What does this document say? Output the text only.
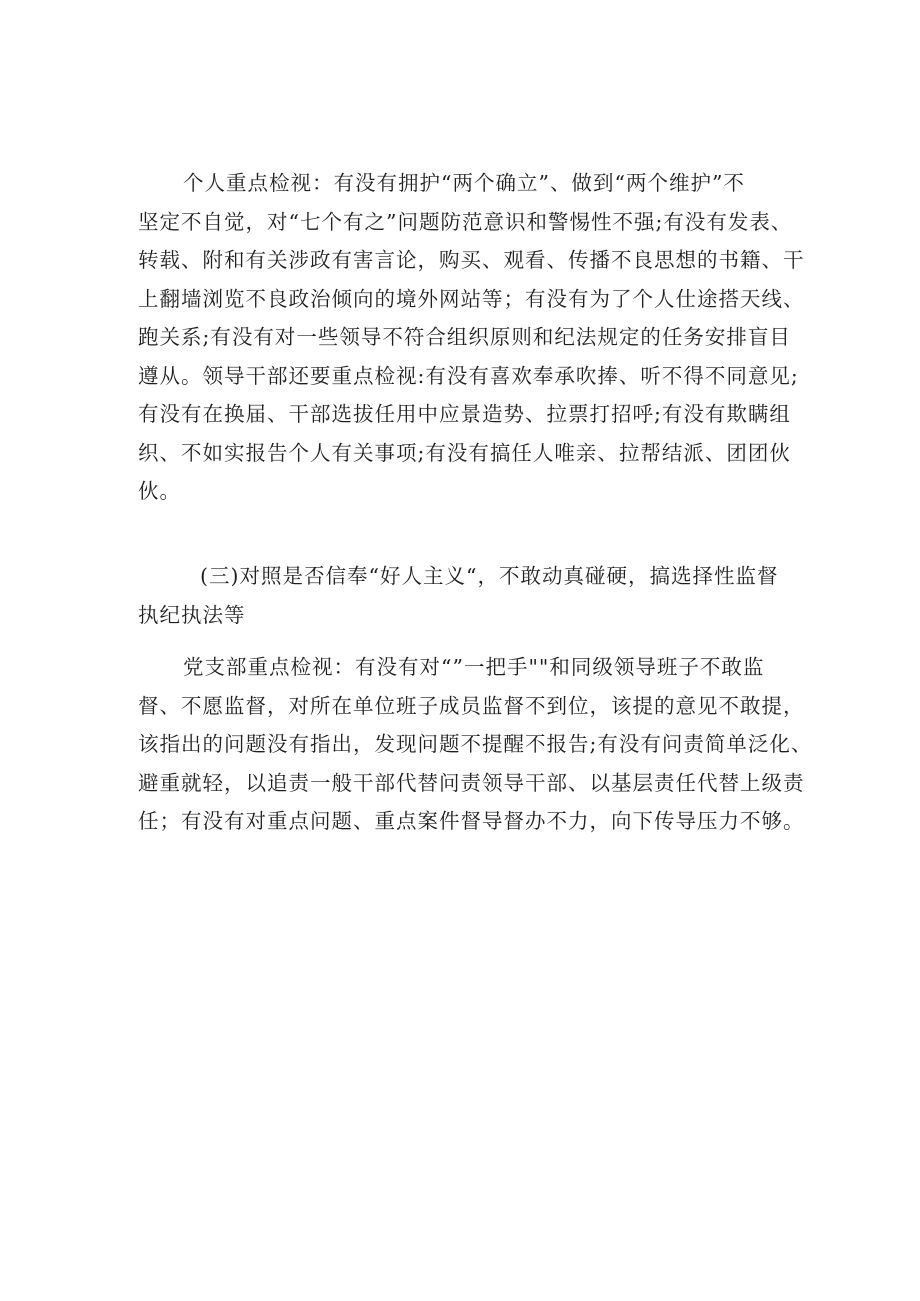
个人重点检视：有没有拥护“两个确立”、做到“两个维护”不
坚定不自觉，对“七个有之”问题防范意识和警惕性不强;有没有发表、
转载、附和有关涉政有害言论，购买、观看、传播不良思想的书籍、干
上翻墙浏览不良政治倾向的境外网站等；有没有为了个人仕途搭天线、
跑关系;有没有对一些领导不符合组织原则和纪法规定的任务安排盲目
遵从。领导干部还要重点检视:有没有喜欢奉承吹捧、听不得不同意见;
有没有在换届、干部选拔任用中应景造势、拉票打招呼;有没有欺瞒组
织、不如实报告个人有关事项;有没有搞任人唯亲、拉帮结派、团团伙
伙。
(三)对照是否信奉“好人主义“，不敢动真碰硬，搞选择性监督
执纪执法等
党支部重点检视：有没有对“”一把手""和同级领导班子不敢监
督、不愿监督，对所在单位班子成员监督不到位，该提的意见不敢提，
该指出的问题没有指出，发现问题不提醒不报告;有没有问责简单泛化、
避重就轻，以追责一般干部代替问责领导干部、以基层责任代替上级责
任；有没有对重点问题、重点案件督导督办不力，向下传导压力不够。
